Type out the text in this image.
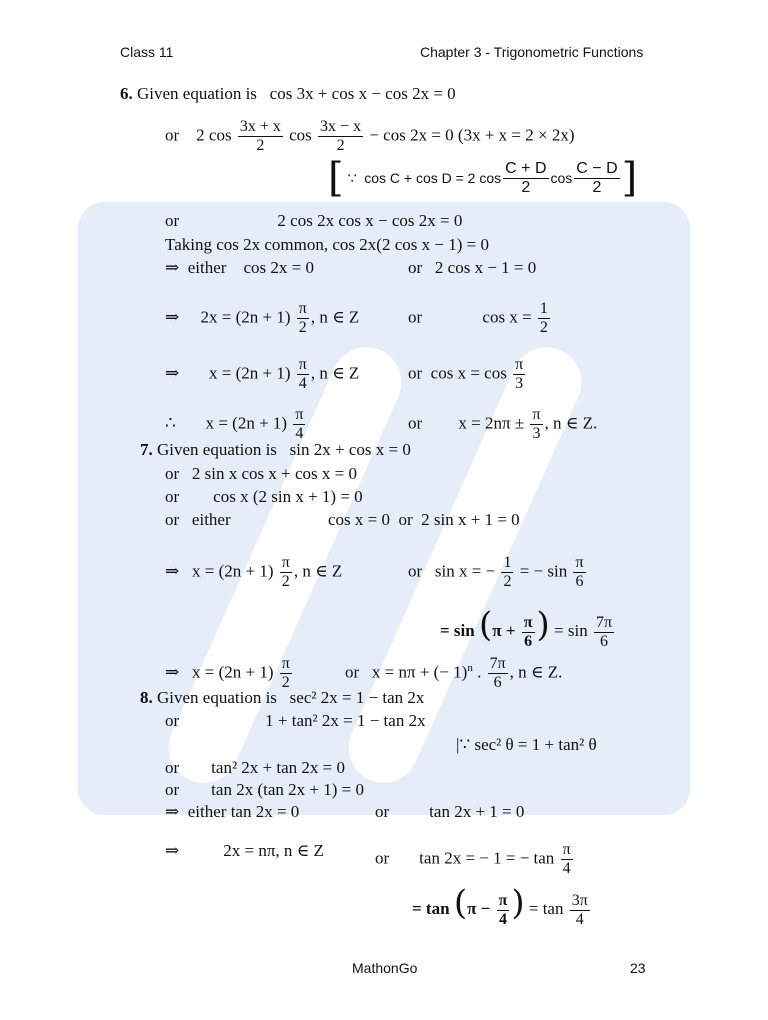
Class 11	Chapter 3 - Trigonometric Functions
6. Given equation is cos 3x + cos x − cos 2x = 0
or 2 $\cos \frac{3x + x}{2}$ $\cos \frac{3x - x}{2} - \cos 2x = 0$ (3x + x = 2 × 2x)
[
∵
cos C + cos D = 2 $\cos \frac{C + D}{2}$ $\cos \frac{C - D}{2}$ ]
or	2 cos 2x cos x − cos 2x = 0
Taking cos 2x common, cos 2x(2 cos x − 1) = 0
⇒ either cos 2x = 0	or 2 cos x − 1 = 0
⇒ $2x = (2n + 1) \frac{\pi}{2}$ , n ∈ Z	or	$\cos x = \frac{1}{2}$
⇒ $x = (2n + 1) \frac{\pi}{4}$ , n ∈ Z	or $\cos x = \cos \frac{\pi}{3}$
∴ $x = (2n + 1) \frac{\pi}{4}$	or $x = 2n\pi \pm \frac{\pi}{3}$ , n ∈ Z.
7. Given equation is sin 2x + cos x = 0
or 2 sin x cos x + cos x = 0
or cos x (2 sin x + 1) = 0
or either	cos x = 0 or 2 sin x + 1 = 0
⇒ $x = (2n + 1) \frac{\pi}{2}$ , n ∈ Z	or sin x = − $\frac{1}{2}$ = − $\sin \frac{\pi}{6}$
= $\sin (\pi + \frac{\pi}{6}$ ) = $\sin \frac{7\pi}{6}$
⇒ $x = (2n + 1) \frac{\pi}{2}$	or x = nπ + (− 1)$^n$ . $\frac{7\pi}{6}$ , n ∈ Z.
8. Given equation is sec² 2x = 1 − tan 2x
or	1 + tan² 2x = 1 − tan 2x
|∵ sec² θ = 1 + tan² θ
or tan² 2x + tan 2x = 0
or tan 2x (tan 2x + 1) = 0
⇒ either tan 2x = 0	or tan 2x + 1 = 0
⇒	2x = nπ, n ∈ Z	or tan 2x = − 1 = − $\tan \frac{\pi}{4}$
= $\tan (\pi - \frac{\pi}{4}$ ) = $\tan \frac{3\pi}{4}$
MathonGo	23
